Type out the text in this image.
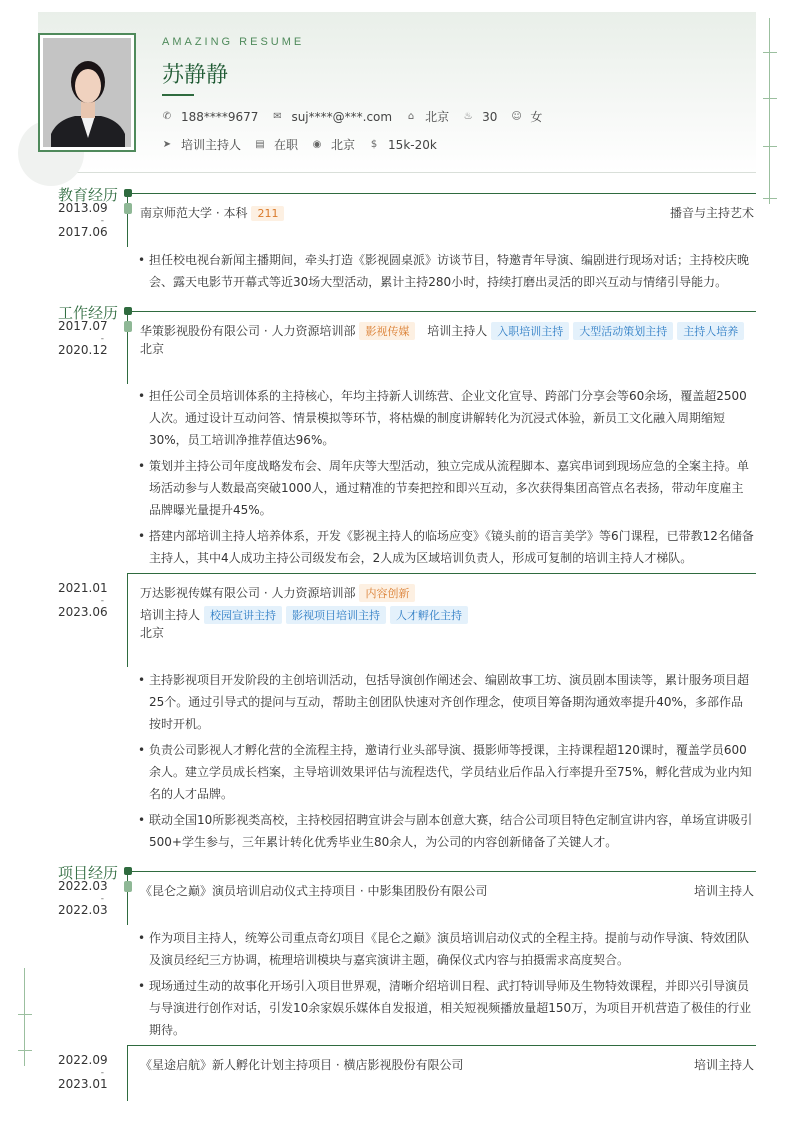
AMAZING RESUME
苏静静
✆ 188****9677 ✉ suj****@***.com ⌂ 北京 ♨ 30 ☺ 女
➤ 培训主持人 ▤ 在职 ◉ 北京 $ 15k-20k
教育经历
2013.09
-
2017.06
南京师范大学 · 本科 211	播音与主持艺术
• 担任校电视台新闻主播期间，牵头打造《影视圆桌派》访谈节目，特邀青年导演、编剧进行现场对话；主持校庆晚会、露天电影节开幕式等近30场大型活动，累计主持280小时，持续打磨出灵活的即兴互动与情绪引导能力。
工作经历
2017.07
-
2020.12
华策影视股份有限公司 · 人力资源培训部 影视传媒 培训主持人 入职培训主持 大型活动策划主持 主持人培养
北京
• 担任公司全员培训体系的主持核心，年均主持新人训练营、企业文化宣导、跨部门分享会等60余场，覆盖超2500人次。通过设计互动问答、情景模拟等环节，将枯燥的制度讲解转化为沉浸式体验，新员工文化融入周期缩短30%，员工培训净推荐值达96%。
• 策划并主持公司年度战略发布会、周年庆等大型活动，独立完成从流程脚本、嘉宾串词到现场应急的全案主持。单场活动参与人数最高突破1000人，通过精准的节奏把控和即兴互动，多次获得集团高管点名表扬，带动年度雇主品牌曝光量提升45%。
• 搭建内部培训主持人培养体系，开发《影视主持人的临场应变》《镜头前的语言美学》等6门课程，已带教12名储备主持人，其中4人成功主持公司级发布会，2人成为区域培训负责人，形成可复制的培训主持人才梯队。
2021.01
-
2023.06
万达影视传媒有限公司 · 人力资源培训部 内容创新
培训主持人 校园宣讲主持 影视项目培训主持 人才孵化主持
北京
• 主持影视项目开发阶段的主创培训活动，包括导演创作阐述会、编剧故事工坊、演员剧本围读等，累计服务项目超25个。通过引导式的提问与互动，帮助主创团队快速对齐创作理念，使项目筹备期沟通效率提升40%，多部作品按时开机。
• 负责公司影视人才孵化营的全流程主持，邀请行业头部导演、摄影师等授课，主持课程超120课时，覆盖学员600余人。建立学员成长档案，主导培训效果评估与流程迭代，学员结业后作品入行率提升至75%，孵化营成为业内知名的人才品牌。
• 联动全国10所影视类高校，主持校园招聘宣讲会与剧本创意大赛，结合公司项目特色定制宣讲内容，单场宣讲吸引500+学生参与，三年累计转化优秀毕业生80余人，为公司的内容创新储备了关键人才。
项目经历
2022.03
-
2022.03
《昆仑之巅》演员培训启动仪式主持项目 · 中影集团股份有限公司	培训主持人
• 作为项目主持人，统筹公司重点奇幻项目《昆仑之巅》演员培训启动仪式的全程主持。提前与动作导演、特效团队及演员经纪三方协调，梳理培训模块与嘉宾演讲主题，确保仪式内容与拍摄需求高度契合。
• 现场通过生动的故事化开场引入项目世界观，清晰介绍培训日程、武打特训导师及生物特效课程，并即兴引导演员与导演进行创作对话，引发10余家娱乐媒体自发报道，相关短视频播放量超150万，为项目开机营造了极佳的行业期待。
2022.09
-
2023.01
《星途启航》新人孵化计划主持项目 · 横店影视股份有限公司	培训主持人
